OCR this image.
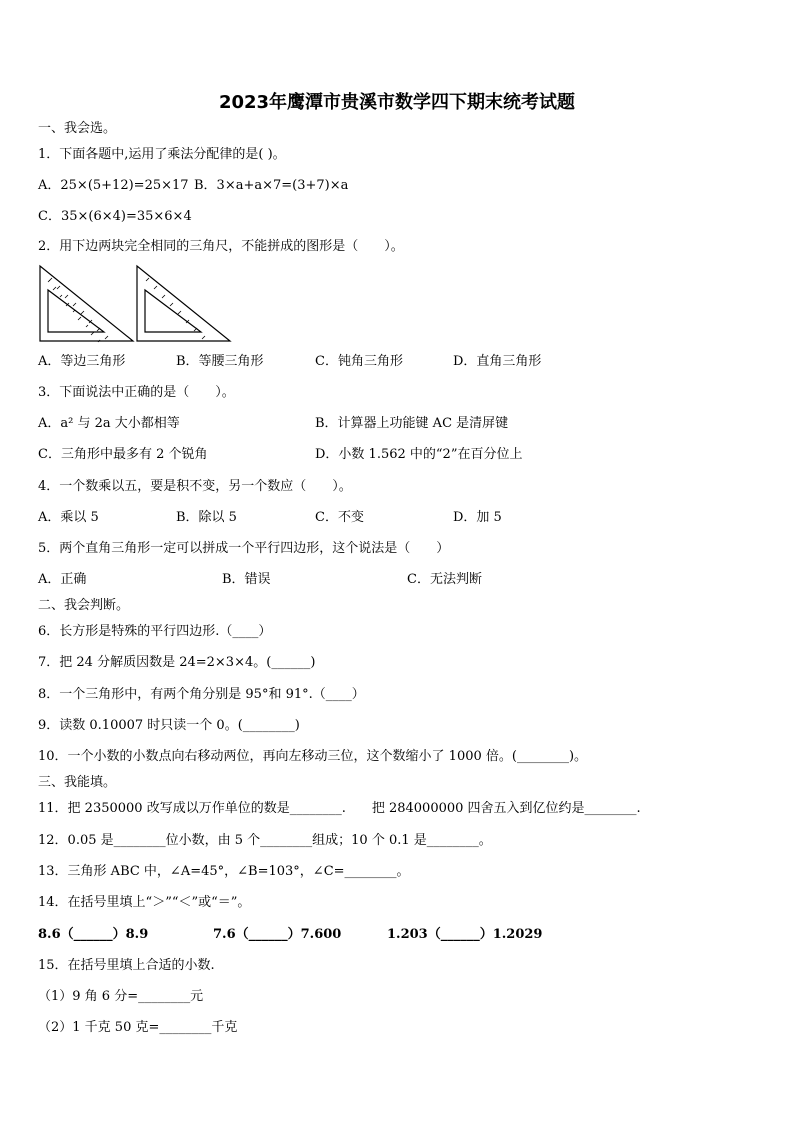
2023年鹰潭市贵溪市数学四下期末统考试题
一、我会选。
1．下面各题中,运用了乘法分配律的是( )。
A．25×(5+12)=25×17 B．3×a+a×7=(3+7)×a
C．35×(6×4)=35×6×4
2．用下边两块完全相同的三角尺，不能拼成的图形是（　　）。
A．等边三角形	B．等腰三角形	C．钝角三角形	D．直角三角形
3．下面说法中正确的是（　　）。
A．a² 与 2a 大小都相等	B．计算器上功能键 AC 是清屏键
C．三角形中最多有 2 个锐角	D．小数 1.562 中的“2”在百分位上
4．一个数乘以五，要是积不变，另一个数应（　　）。
A．乘以 5	B．除以 5	C．不变	D．加 5
5．两个直角三角形一定可以拼成一个平行四边形，这个说法是（　　）
A．正确	B．错误	C．无法判断
二、我会判断。
6．长方形是特殊的平行四边形.（____）
7．把 24 分解质因数是 24=2×3×4。(______)
8．一个三角形中，有两个角分别是 95°和 91°.（____）
9．读数 0.10007 时只读一个 0。(________)
10．一个小数的小数点向右移动两位，再向左移动三位，这个数缩小了 1000 倍。(________)。
三、我能填。
11．把 2350000 改写成以万作单位的数是________.　　把 284000000 四舍五入到亿位约是________.
12．0.05 是________位小数，由 5 个________组成；10 个 0.1 是________。
13．三角形 ABC 中，∠A=45°，∠B=103°，∠C=________。
14．在括号里填上“＞”“＜”或“＝”。
8.6（______）8.9	7.6（______）7.600	1.203（______）1.2029
15．在括号里填上合适的小数.
（1）9 角 6 分=________元
（2）1 千克 50 克=________千克
